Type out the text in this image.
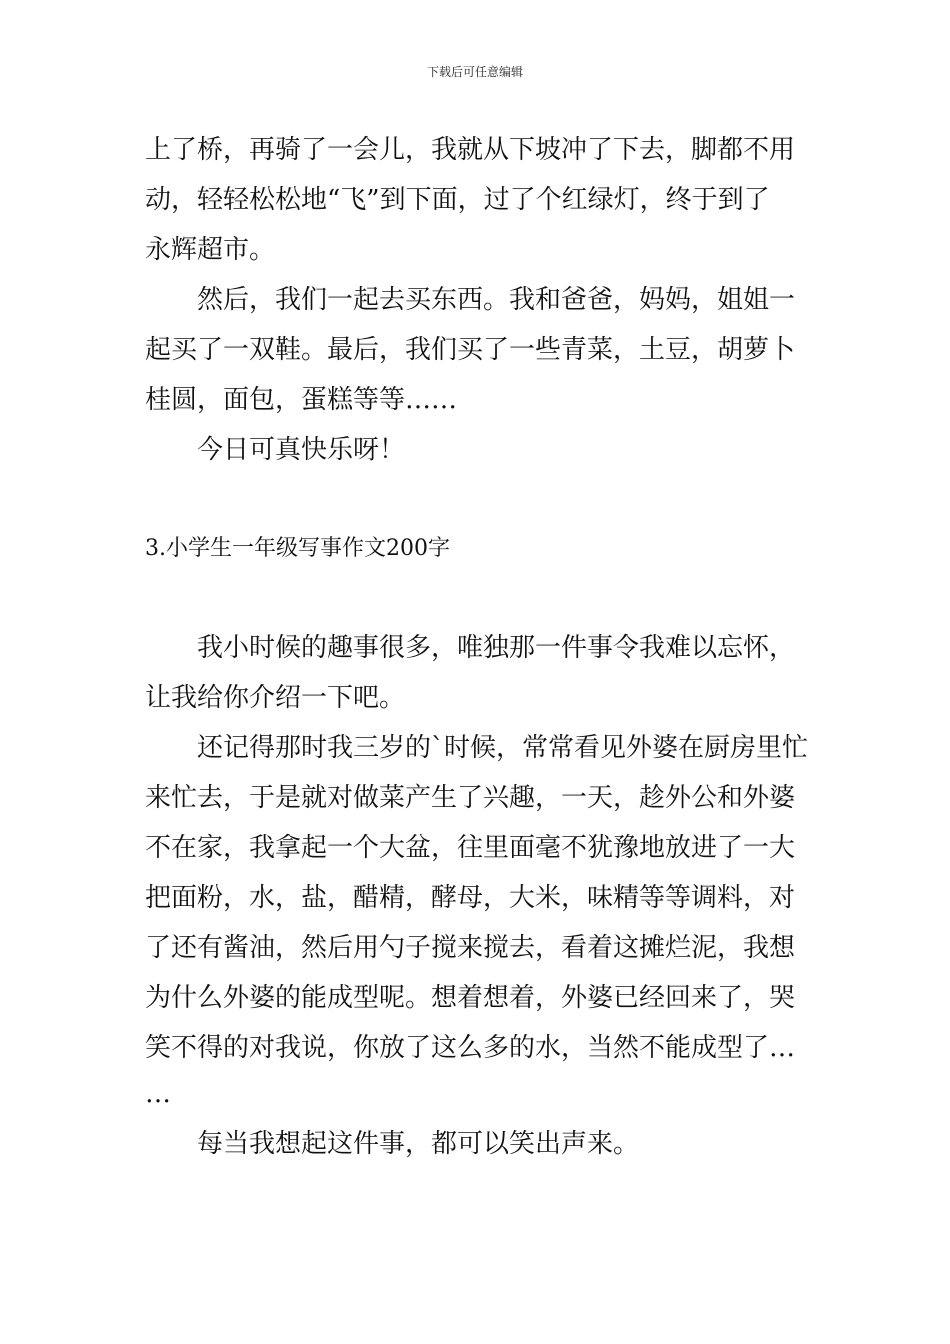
下载后可任意编辑
上了桥，再骑了一会儿，我就从下坡冲了下去，脚都不用
动，轻轻松松地“飞”到下面，过了个红绿灯，终于到了
永辉超市。
然后，我们一起去买东西。我和爸爸，妈妈，姐姐一
起买了一双鞋。最后，我们买了一些青菜，土豆，胡萝卜
桂圆，面包，蛋糕等等……
今日可真快乐呀！
3.小学生一年级写事作文200字
我小时候的趣事很多，唯独那一件事令我难以忘怀，
让我给你介绍一下吧。
还记得那时我三岁的`时候，常常看见外婆在厨房里忙
来忙去，于是就对做菜产生了兴趣，一天，趁外公和外婆
不在家，我拿起一个大盆，往里面毫不犹豫地放进了一大
把面粉，水，盐，醋精，酵母，大米，味精等等调料，对
了还有酱油，然后用勺子搅来搅去，看着这摊烂泥，我想
为什么外婆的能成型呢。想着想着，外婆已经回来了，哭
笑不得的对我说，你放了这么多的水，当然不能成型了…
…
每当我想起这件事，都可以笑出声来。
